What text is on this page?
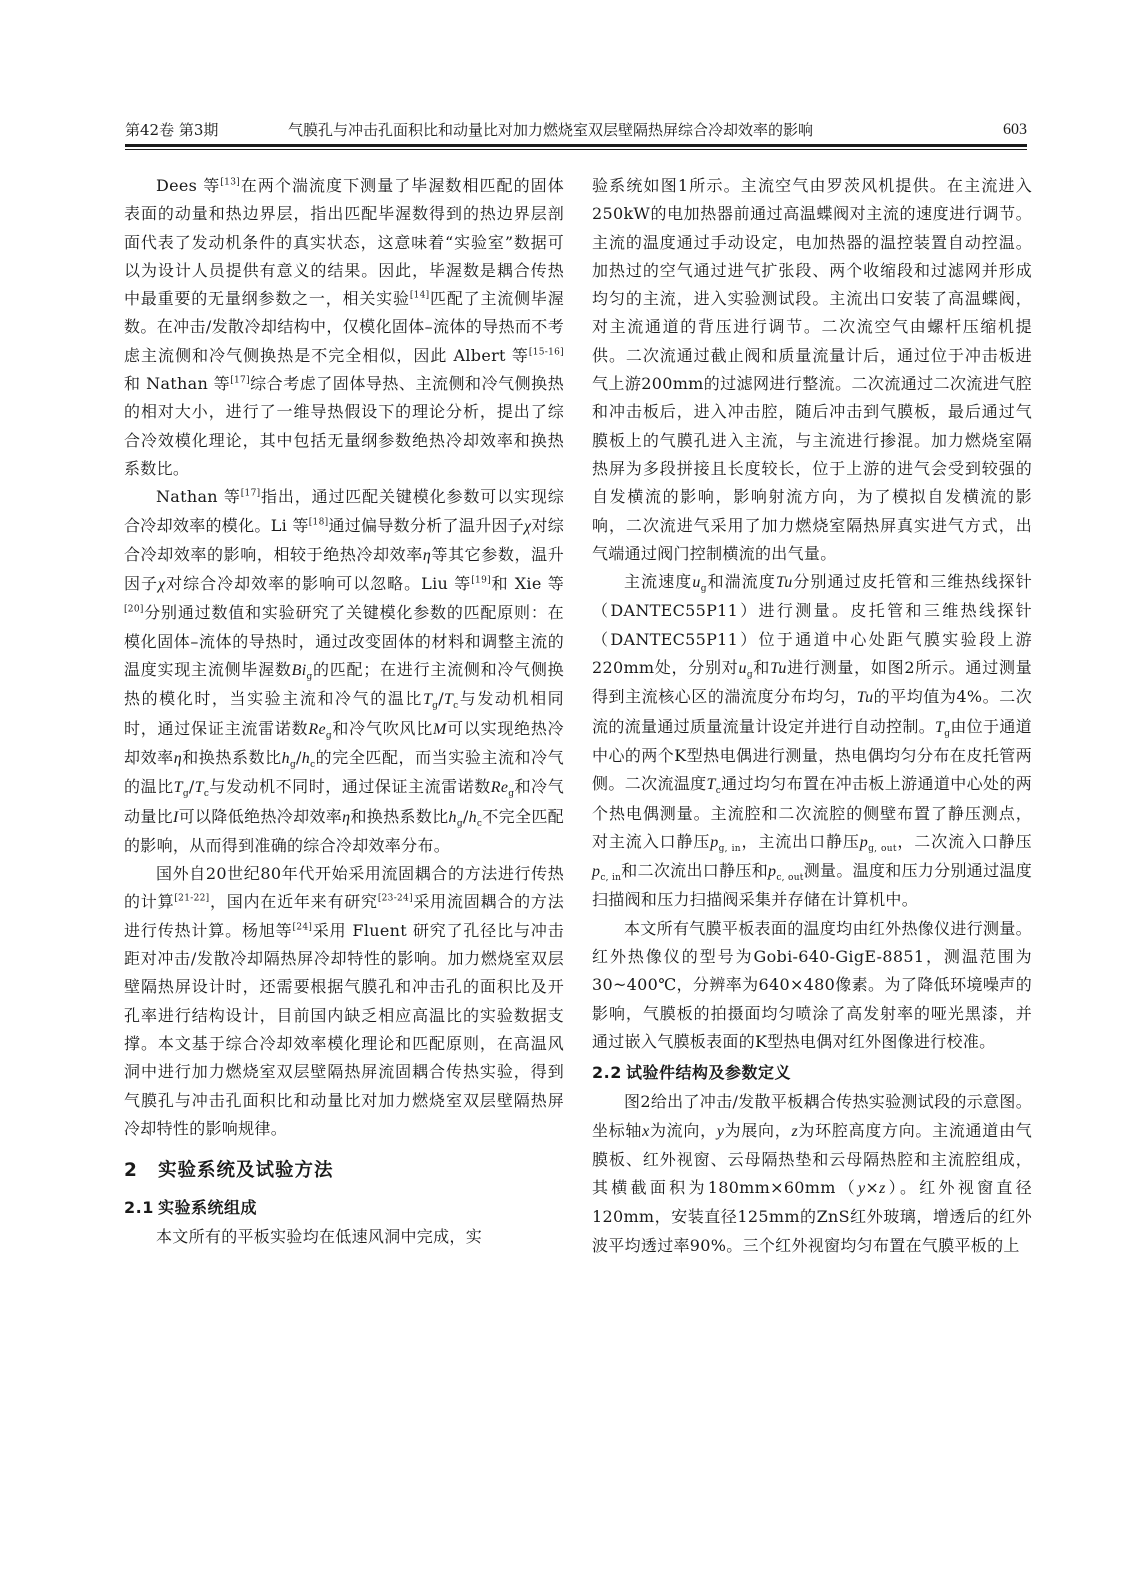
第42卷 第3期	气膜孔与冲击孔面积比和动量比对加力燃烧室双层壁隔热屏综合冷却效率的影响	603

Dees 等[13]在两个湍流度下测量了毕渥数相匹配的固体表面的动量和热边界层，指出匹配毕渥数得到的热边界层剖面代表了发动机条件的真实状态，这意味着“实验室”数据可以为设计人员提供有意义的结果。因此，毕渥数是耦合传热中最重要的无量纲参数之一，相关实验[14]匹配了主流侧毕渥数。在冲击/发散冷却结构中，仅模化固体–流体的导热而不考虑主流侧和冷气侧换热是不完全相似，因此 Albert 等[15-16]和 Nathan 等[17]综合考虑了固体导热、主流侧和冷气侧换热的相对大小，进行了一维导热假设下的理论分析，提出了综合冷效模化理论，其中包括无量纲参数绝热冷却效率和换热系数比。

Nathan 等[17]指出，通过匹配关键模化参数可以实现综合冷却效率的模化。Li 等[18]通过偏导数分析了温升因子χ对综合冷却效率的影响，相较于绝热冷却效率η等其它参数，温升因子χ对综合冷却效率的影响可以忽略。Liu 等[19]和 Xie 等[20]分别通过数值和实验研究了关键模化参数的匹配原则：在模化固体–流体的导热时，通过改变固体的材料和调整主流的温度实现主流侧毕渥数$Bi_g$的匹配；在进行主流侧和冷气侧换热的模化时，当实验主流和冷气的温比$T_g/T_c$与发动机相同时，通过保证主流雷诺数$Re_g$和冷气吹风比M可以实现绝热冷却效率η和换热系数比$h_g/h_c$的完全匹配，而当实验主流和冷气的温比$T_g/T_c$与发动机不同时，通过保证主流雷诺数$Re_g$和冷气动量比I可以降低绝热冷却效率η和换热系数比$h_g/h_c$不完全匹配的影响，从而得到准确的综合冷却效率分布。

国外自20世纪80年代开始采用流固耦合的方法进行传热的计算[21-22]，国内在近年来有研究[23-24]采用流固耦合的方法进行传热计算。杨旭等[24]采用 Fluent 研究了孔径比与冲击距对冲击/发散冷却隔热屏冷却特性的影响。加力燃烧室双层壁隔热屏设计时，还需要根据气膜孔和冲击孔的面积比及开孔率进行结构设计，目前国内缺乏相应高温比的实验数据支撑。本文基于综合冷却效率模化理论和匹配原则，在高温风洞中进行加力燃烧室双层壁隔热屏流固耦合传热实验，得到气膜孔与冲击孔面积比和动量比对加力燃烧室双层壁隔热屏冷却特性的影响规律。

2 实验系统及试验方法
2.1 实验系统组成

本文所有的平板实验均在低速风洞中完成，实

验系统如图1所示。主流空气由罗茨风机提供。在主流进入250kW的电加热器前通过高温蝶阀对主流的速度进行调节。主流的温度通过手动设定，电加热器的温控装置自动控温。加热过的空气通过进气扩张段、两个收缩段和过滤网并形成均匀的主流，进入实验测试段。主流出口安装了高温蝶阀，对主流通道的背压进行调节。二次流空气由螺杆压缩机提供。二次流通过截止阀和质量流量计后，通过位于冲击板进气上游200mm的过滤网进行整流。二次流通过二次流进气腔和冲击板后，进入冲击腔，随后冲击到气膜板，最后通过气膜板上的气膜孔进入主流，与主流进行掺混。加力燃烧室隔热屏为多段拼接且长度较长，位于上游的进气会受到较强的自发横流的影响，影响射流方向，为了模拟自发横流的影响，二次流进气采用了加力燃烧室隔热屏真实进气方式，出气端通过阀门控制横流的出气量。

主流速度$u_g$和湍流度Tu分别通过皮托管和三维热线探针（DANTEC55P11）进行测量。皮托管和三维热线探针（DANTEC55P11）位于通道中心处距气膜实验段上游220mm处，分别对$u_g$和Tu进行测量，如图2所示。通过测量得到主流核心区的湍流度分布均匀，Tu的平均值为4%。二次流的流量通过质量流量计设定并进行自动控制。$T_g$由位于通道中心的两个K型热电偶进行测量，热电偶均匀分布在皮托管两侧。二次流温度$T_c$通过均匀布置在冲击板上游通道中心处的两个热电偶测量。主流腔和二次流腔的侧壁布置了静压测点，对主流入口静压$p_{g, in}$，主流出口静压$p_{g, out}$，二次流入口静压$p_{c, in}$和二次流出口静压和$p_{c, out}$测量。温度和压力分别通过温度扫描阀和压力扫描阀采集并存储在计算机中。

本文所有气膜平板表面的温度均由红外热像仪进行测量。红外热像仪的型号为Gobi-640-GigE-8851，测温范围为30~400℃，分辨率为640×480像素。为了降低环境噪声的影响，气膜板的拍摄面均匀喷涂了高发射率的哑光黑漆，并通过嵌入气膜板表面的K型热电偶对红外图像进行校准。

2.2 试验件结构及参数定义

图2给出了冲击/发散平板耦合传热实验测试段的示意图。坐标轴x为流向，y为展向，z为环腔高度方向。主流通道由气膜板、红外视窗、云母隔热垫和云母隔热腔和主流腔组成，其横截面积为180mm×60mm（y×z）。红外视窗直径120mm，安装直径125mm的ZnS红外玻璃，增透后的红外波平均透过率90%。三个红外视窗均匀布置在气膜平板的上
